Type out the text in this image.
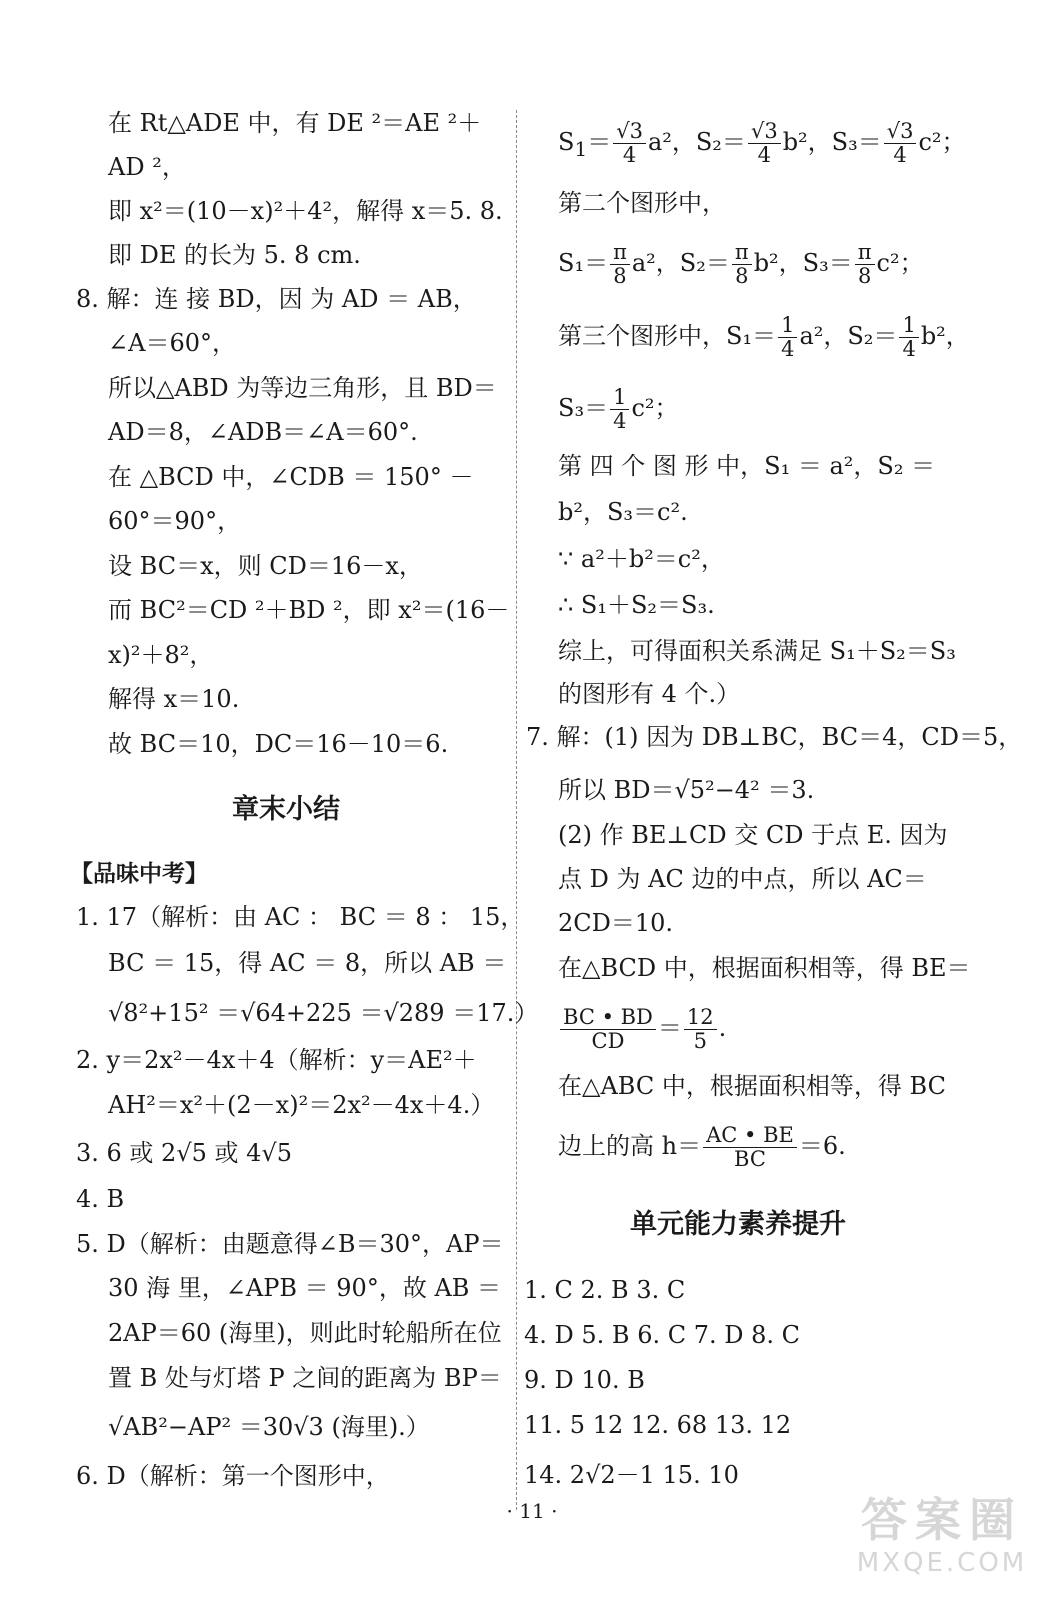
在 Rt△ADE 中，有 DE ²＝AE ²＋
AD ²，
即 x²＝(10－x)²＋4²，解得 x＝5. 8.
即 DE 的长为 5. 8 cm.
8. 解：连 接 BD，因 为 AD ＝ AB，
∠A＝60°，
所以△ABD 为等边三角形，且 BD＝
AD＝8，∠ADB＝∠A＝60°.
在 △BCD 中，∠CDB ＝ 150° －
60°＝90°，
设 BC＝x，则 CD＝16－x，
而 BC²＝CD ²＋BD ²，即 x²＝(16－
x)²＋8²，
解得 x＝10.
故 BC＝10，DC＝16－10＝6.
章末小结
【品味中考】
1. 17（解析：由 AC ： BC ＝ 8 ： 15，
BC ＝ 15，得 AC ＝ 8，所以 AB ＝
√8²+15² ＝√64+225 ＝√289 ＝17.）
2. y＝2x²－4x＋4（解析：y＝AE²＋
AH²＝x²＋(2－x)²＝2x²－4x＋4.）
3. 6 或 2√5 或 4√5
4. B
5. D（解析：由题意得∠B＝30°，AP＝
30 海 里，∠APB ＝ 90°，故 AB ＝
2AP＝60 (海里)，则此时轮船所在位
置 B 处与灯塔 P 之间的距离为 BP＝
√AB²−AP² ＝30√3 (海里).）
6. D（解析：第一个图形中，
$S_1= \frac{√3}{4} a^2$，$S_2= \frac{√3}{4} b^2$，$S_3= \frac{√3}{4} c^2$；
第二个图形中，
$S_1= \frac{\pi}{8} a^2$，$S_2= \frac{\pi}{8} b^2$，$S_3= \frac{\pi}{8} c^2$；
第三个图形中，$S_1= \frac{1}{4} a^2$，$S_2= \frac{1}{4} b^2$，
$S_3= \frac{1}{4} c^2$；
第 四 个 图 形 中，S₁ ＝ a²，S₂ ＝
b²，S₃＝c².
∵ a²＋b²＝c²，
∴ S₁＋S₂＝S₃.
综上，可得面积关系满足 S₁＋S₂＝S₃
的图形有 4 个.）
7. 解：(1) 因为 DB⊥BC，BC＝4，CD＝5，
所以 BD＝√5²−4² ＝3.
(2) 作 BE⊥CD 交 CD 于点 E. 因为
点 D 为 AC 边的中点，所以 AC＝
2CD＝10.
在△BCD 中，根据面积相等，得 BE＝
$\frac{BC • BD}{CD} = \frac{12}{5}$ .
在△ABC 中，根据面积相等，得 BC
边上的高 $h= \frac{AC • BE}{BC} =6$.
单元能力素养提升
1. C 2. B 3. C
4. D 5. B 6. C 7. D 8. C
9. D 10. B
11. 5 12 12. 68 13. 12
14. 2√2－1 15. 10
· 11 ·	答案圈
MXQE.COM
